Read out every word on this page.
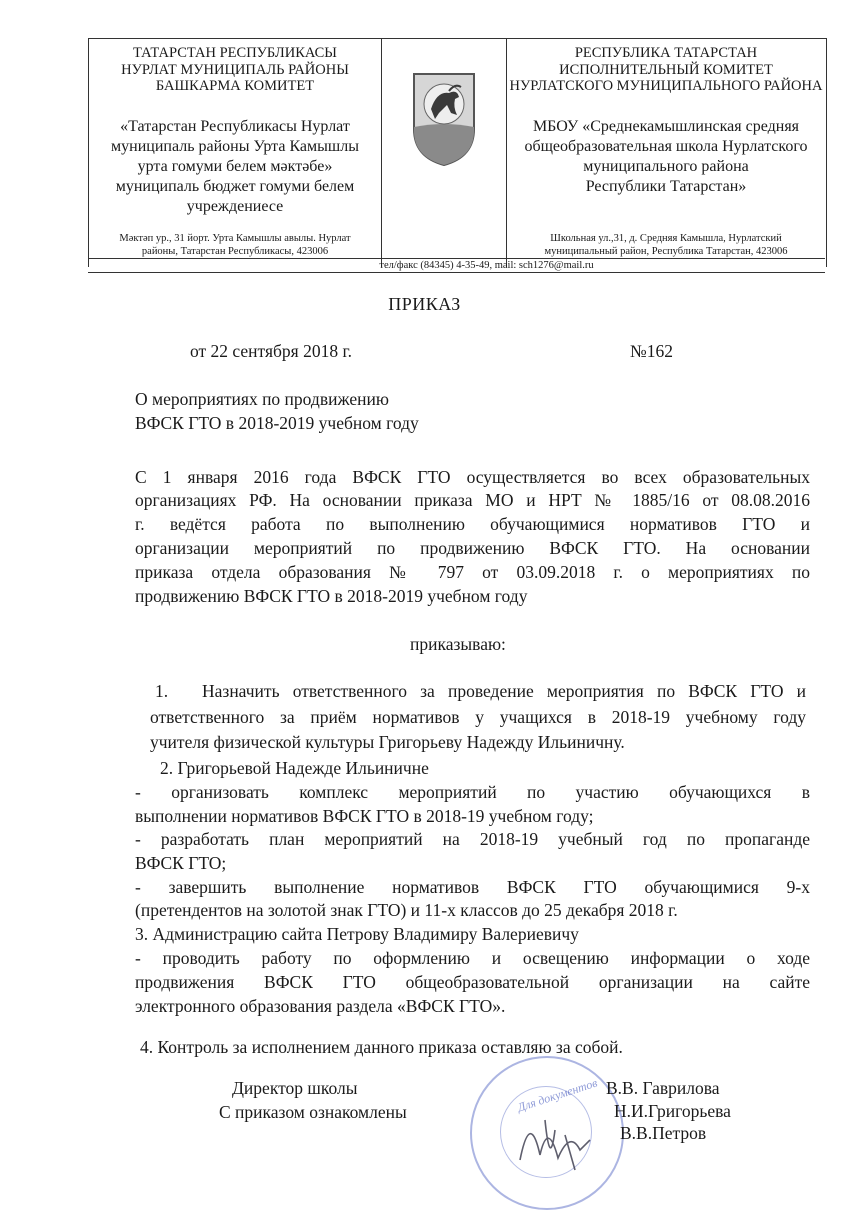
ТАТАРСТАН РЕСПУБЛИКАСЫ
НУРЛАТ МУНИЦИПАЛЬ РАЙОНЫ
БАШКАРМА КОМИТЕТ
«Татарстан Республикасы Нурлат
муниципаль районы Урта Камышлы
урта гомуми белем мәктәбе»
муниципаль бюджет гомуми белем
учреждениесе
Мәктәп ур., 31 йорт. Урта Камышлы авылы. Нурлат
районы, Татарстан Республикасы, 423006
РЕСПУБЛИКА ТАТАРСТАН
ИСПОЛНИТЕЛЬНЫЙ КОМИТЕТ
НУРЛАТСКОГО МУНИЦИПАЛЬНОГО РАЙОНА
МБОУ «Среднекамышлинская средняя
общеобразовательная школа Нурлатского
муниципального района
Республики Татарстан»
Школьная ул.,31, д. Средняя Камышла, Нурлатский
муниципальный район, Республика Татарстан, 423006
тел/факс (84345) 4-35-49, mail: sch1276@mail.ru
ПРИКАЗ
от 22 сентября 2018 г.	№162
О мероприятиях по продвижению
ВФСК ГТО в 2018-2019 учебном году
С 1 января 2016 года ВФСК ГТО осуществляется во всех образовательных
организациях РФ. На основании приказа МО и НРТ № 1885/16 от 08.08.2016
г. ведётся работа по выполнению обучающимися нормативов ГТО и
организации мероприятий по продвижению ВФСК ГТО. На основании
приказа отдела образования № 797 от 03.09.2018 г. о мероприятиях по
продвижению ВФСК ГТО в 2018-2019 учебном году
приказываю:
1. Назначить ответственного за проведение мероприятия по ВФСК ГТО и
ответственного за приём нормативов у учащихся в 2018-19 учебному году
учителя физической культуры Григорьеву Надежду Ильиничну.
2. Григорьевой Надежде Ильиничне
- организовать комплекс мероприятий по участию обучающихся в
выполнении нормативов ВФСК ГТО в 2018-19 учебном году;
- разработать план мероприятий на 2018-19 учебный год по пропаганде
ВФСК ГТО;
- завершить выполнение нормативов ВФСК ГТО обучающимися 9-х
(претендентов на золотой знак ГТО) и 11-х классов до 25 декабря 2018 г.
3. Администрацию сайта Петрову Владимиру Валериевичу
- проводить работу по оформлению и освещению информации о ходе
продвижения ВФСК ГТО общеобразовательной организации на сайте
электронного образования раздела «ВФСК ГТО».
4. Контроль за исполнением данного приказа оставляю за собой.
Для документов
Директор школы
С приказом ознакомлены
В.В. Гаврилова
Н.И.Григорьева
В.В.Петров
